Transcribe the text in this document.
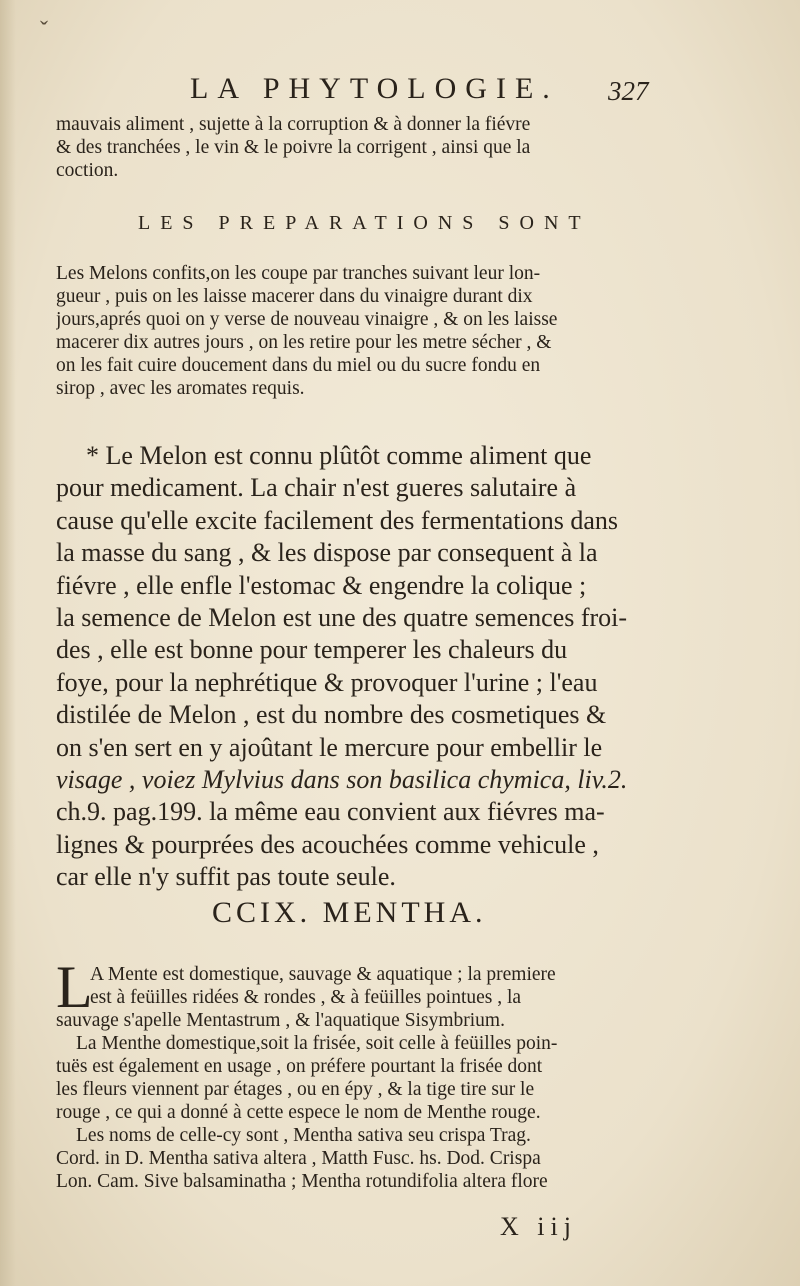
ˇ
LA PHYTOLOGIE. 327
mauvais aliment , sujette à la corruption & à donner la fiévre
& des tranchées , le vin & le poivre la corrigent , ainsi que la
coction.
LES PREPARATIONS SONT
Les Melons confits,on les coupe par tranches suivant leur lon-
gueur , puis on les laisse macerer dans du vinaigre durant dix
jours,aprés quoi on y verse de nouveau vinaigre , & on les laisse
macerer dix autres jours , on les retire pour les metre sécher , &
on les fait cuire doucement dans du miel ou du sucre fondu en
sirop , avec les aromates requis.
* Le Melon est connu plûtôt comme aliment que
pour medicament. La chair n'est gueres salutaire à
cause qu'elle excite facilement des fermentations dans
la masse du sang , & les dispose par consequent à la
fiévre , elle enfle l'estomac & engendre la colique ;
la semence de Melon est une des quatre semences froi-
des , elle est bonne pour temperer les chaleurs du
foye, pour la nephrétique & provoquer l'urine ; l'eau
distilée de Melon , est du nombre des cosmetiques &
on s'en sert en y ajoûtant le mercure pour embellir le
visage , voiez Mylvius dans son basilica chymica, liv.2.
ch.9. pag.199. la même eau convient aux fiévres ma-
lignes & pourprées des acouchées comme vehicule ,
car elle n'y suffit pas toute seule.
CCIX. MENTHA.
L
A Mente est domestique, sauvage & aquatique ; la premiere
est à feüilles ridées & rondes , & à feüilles pointues , la
sauvage s'apelle Mentastrum , & l'aquatique Sisymbrium.
La Menthe domestique,soit la frisée, soit celle à feüilles poin-
tuës est également en usage , on préfere pourtant la frisée dont
les fleurs viennent par étages , ou en épy , & la tige tire sur le
rouge , ce qui a donné à cette espece le nom de Menthe rouge.
Les noms de celle-cy sont , Mentha sativa seu crispa Trag.
Cord. in D. Mentha sativa altera , Matth Fusc. hs. Dod. Crispa
Lon. Cam. Sive balsaminatha ; Mentha rotundifolia altera flore
X iij
